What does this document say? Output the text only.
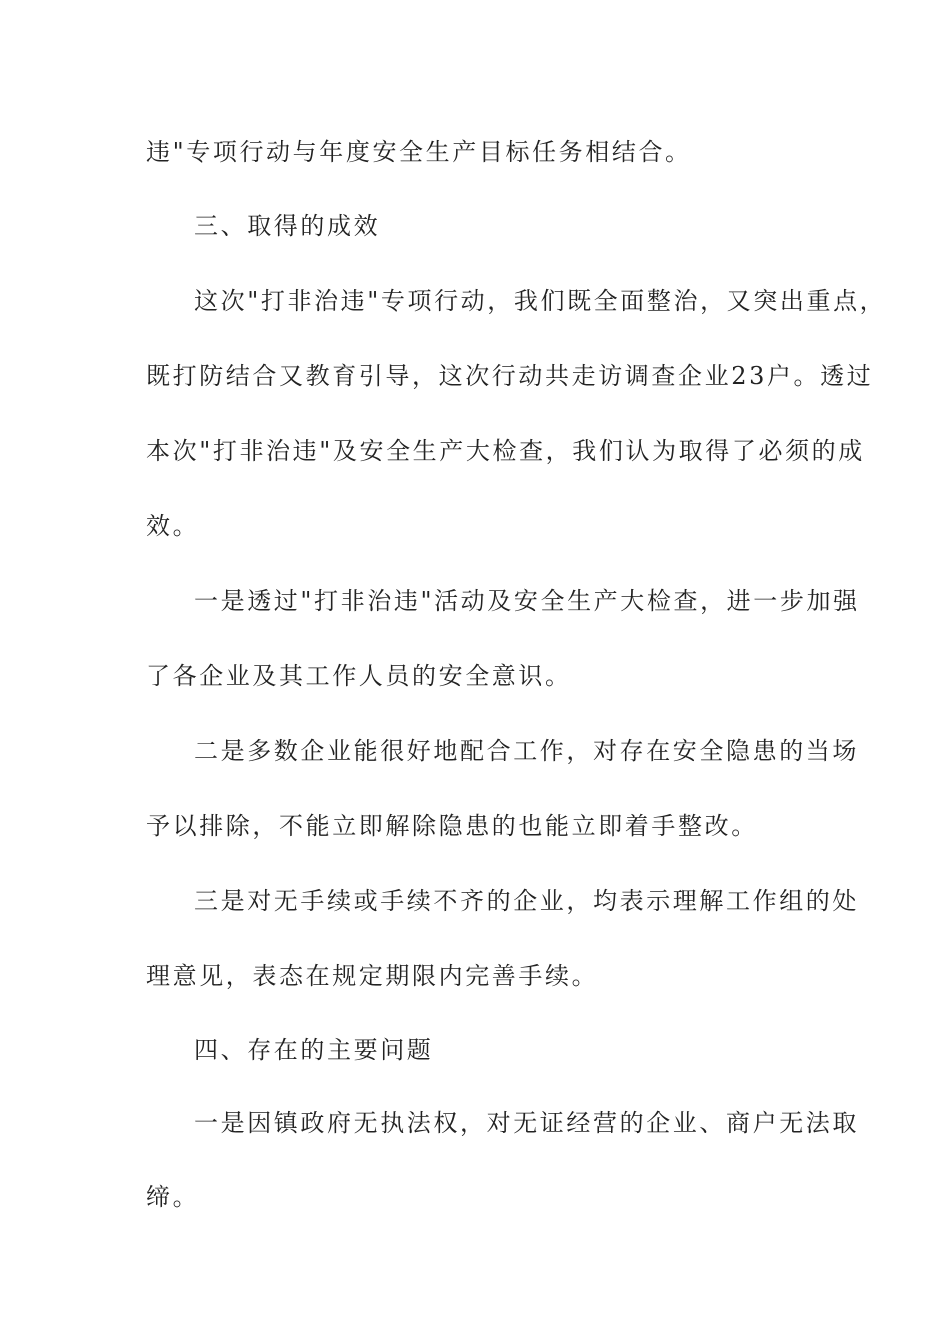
违"专项行动与年度安全生产目标任务相结合。
三、取得的成效
这次"打非治违"专项行动，我们既全面整治，又突出重点，
既打防结合又教育引导，这次行动共走访调查企业23户。透过
本次"打非治违"及安全生产大检查，我们认为取得了必须的成
效。
一是透过"打非治违"活动及安全生产大检查，进一步加强
了各企业及其工作人员的安全意识。
二是多数企业能很好地配合工作，对存在安全隐患的当场
予以排除，不能立即解除隐患的也能立即着手整改。
三是对无手续或手续不齐的企业，均表示理解工作组的处
理意见，表态在规定期限内完善手续。
四、存在的主要问题
一是因镇政府无执法权，对无证经营的企业、商户无法取
缔。
